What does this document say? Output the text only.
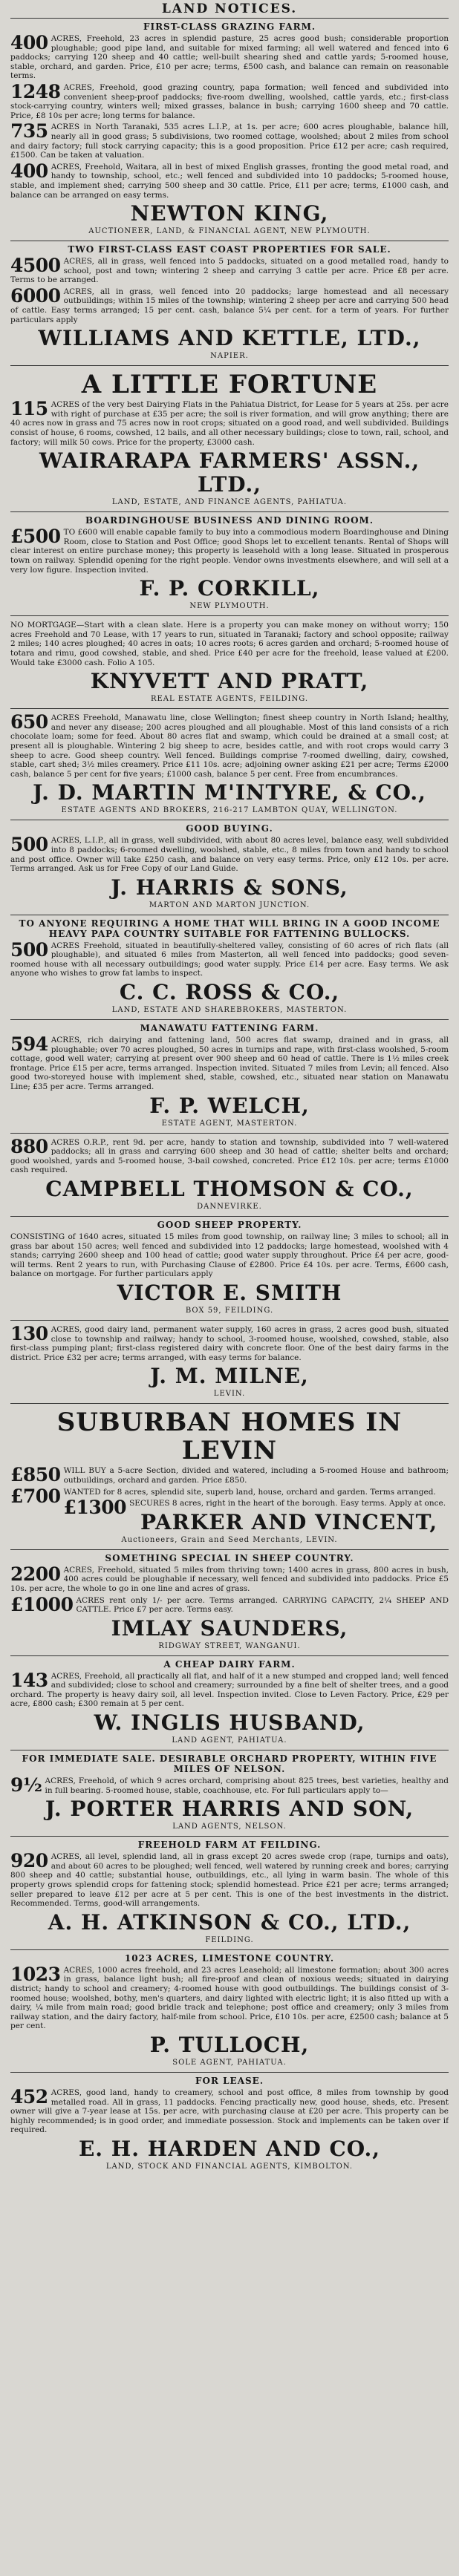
LAND NOTICES.
FIRST-CLASS GRAZING FARM.
400 ACRES, Freehold, 23 acres in splendid pasture, 25 acres good bush; considerable proportion ploughable; good pipe land, and suitable for mixed farming; all well watered and fenced into 6 paddocks; carrying 120 sheep and 40 cattle; well-built shearing shed and cattle yards; 5-roomed house, stable, orchard, and garden. Price, £10 per acre; terms, £500 cash, and balance can remain on reasonable terms.
1248 ACRES, Freehold, good grazing country, papa formation; well fenced and subdivided into convenient sheep-proof paddocks; five-room dwelling, woolshed, cattle yards, etc.; first-class stock-carrying country, winters well; mixed grasses, balance in bush; carrying 1600 sheep and 70 cattle. Price, £8 10s per acre; long terms for balance.
735 ACRES in North Taranaki, 535 acres L.I.P., at 1s. per acre; 600 acres ploughable, balance hill, nearly all in good grass; 5 subdivisions, two roomed cottage, woolshed; about 2 miles from school and dairy factory; full stock carrying capacity; this is a good proposition. Price £12 per acre; cash required, £1500. Can be taken at valuation.
400 ACRES, Freehold, Waitara, all in best of mixed English grasses, fronting the good metal road, and handy to township, school, etc.; well fenced and subdivided into 10 paddocks; 5-roomed house, stable, and implement shed; carrying 500 sheep and 30 cattle. Price, £11 per acre; terms, £1000 cash, and balance can be arranged on easy terms.
NEWTON KING,
AUCTIONEER, LAND, & FINANCIAL AGENT, NEW PLYMOUTH.
TWO FIRST-CLASS EAST COAST PROPERTIES FOR SALE.
4500 ACRES, all in grass, well fenced into 5 paddocks, situated on a good metalled road, handy to school, post and town; wintering 2 sheep and carrying 3 cattle per acre. Price £8 per acre. Terms to be arranged.
6000 ACRES, all in grass, well fenced into 20 paddocks; large homestead and all necessary outbuildings; within 15 miles of the township; wintering 2 sheep per acre and carrying 500 head of cattle. Easy terms arranged; 15 per cent. cash, balance 5¼ per cent. for a term of years. For further particulars apply
WILLIAMS AND KETTLE, LTD.,
NAPIER.
A LITTLE FORTUNE
115 ACRES of the very best Dairying Flats in the Pahiatua District, for Lease for 5 years at 25s. per acre with right of purchase at £35 per acre; the soil is river formation, and will grow anything; there are 40 acres now in grass and 75 acres now in root crops; situated on a good road, and well subdivided. Buildings consist of house, 6 rooms, cowshed, 12 bails, and all other necessary buildings; close to town, rail, school, and factory; will milk 50 cows. Price for the property, £3000 cash.
WAIRARAPA FARMERS' ASSN., LTD.,
LAND, ESTATE, AND FINANCE AGENTS, PAHIATUA.
BOARDINGHOUSE BUSINESS AND DINING ROOM.
£500 TO £600 will enable capable family to buy into a commodious modern Boardinghouse and Dining Room, close to Station and Post Office; good Shops let to excellent tenants. Rental of Shops will clear interest on entire purchase money; this property is leasehold with a long lease. Situated in prosperous town on railway. Splendid opening for the right people. Vendor owns investments elsewhere, and will sell at a very low figure. Inspection invited.
F. P. CORKILL,
NEW PLYMOUTH.
NO MORTGAGE—Start with a clean slate. Here is a property you can make money on without worry; 150 acres Freehold and 70 Lease, with 17 years to run, situated in Taranaki; factory and school opposite; railway 2 miles; 140 acres ploughed; 40 acres in oats; 10 acres roots; 6 acres garden and orchard; 5-roomed house of totara and rimu, good cowshed, stable, and shed. Price £40 per acre for the freehold, lease valued at £200. Would take £3000 cash. Folio A 105.
KNYVETT AND PRATT,
REAL ESTATE AGENTS, FEILDING.
650 ACRES Freehold, Manawatu line, close Wellington; finest sheep country in North Island; healthy, and never any disease; 200 acres ploughed and all ploughable. Most of this land consists of a rich chocolate loam; some for feed. About 80 acres flat and swamp, which could be drained at a small cost; at present all is ploughable. Wintering 2 big sheep to acre, besides cattle, and with root crops would carry 3 sheep to acre. Good sheep country. Well fenced. Buildings comprise 7-roomed dwelling, dairy, cowshed, stable, cart shed; 3½ miles creamery. Price £11 10s. acre; adjoining owner asking £21 per acre; Terms £2000 cash, balance 5 per cent for five years; £1000 cash, balance 5 per cent. Free from encumbrances.
J. D. MARTIN M'INTYRE, & CO.,
ESTATE AGENTS AND BROKERS, 216-217 LAMBTON QUAY, WELLINGTON.
GOOD BUYING.
500 ACRES, L.I.P., all in grass, well subdivided, with about 80 acres level, balance easy, well subdivided into 8 paddocks; 6-roomed dwelling, woolshed, stable, etc., 8 miles from town and handy to school and post office. Owner will take £250 cash, and balance on very easy terms. Price, only £12 10s. per acre. Terms arranged. Ask us for Free Copy of our Land Guide.
J. HARRIS & SONS,
MARTON AND MARTON JUNCTION.
TO ANYONE REQUIRING A HOME THAT WILL BRING IN A GOOD INCOME HEAVY PAPA COUNTRY SUITABLE FOR FATTENING BULLOCKS.
500 ACRES Freehold, situated in beautifully-sheltered valley, consisting of 60 acres of rich flats (all ploughable), and situated 6 miles from Masterton, all well fenced into paddocks; good seven-roomed house with all necessary outbuildings; good water supply. Price £14 per acre. Easy terms. We ask anyone who wishes to grow fat lambs to inspect.
C. C. ROSS & CO.,
LAND, ESTATE AND SHAREBROKERS, MASTERTON.
MANAWATU FATTENING FARM.
594 ACRES, rich dairying and fattening land, 500 acres flat swamp, drained and in grass, all ploughable; over 70 acres ploughed, 50 acres in turnips and rape, with first-class woolshed, 5-room cottage, good well water; carrying at present over 900 sheep and 60 head of cattle. There is 1½ miles creek frontage. Price £15 per acre, terms arranged. Inspection invited. Situated 7 miles from Levin; all fenced. Also good two-storeyed house with implement shed, stable, cowshed, etc., situated near station on Manawatu Line; £35 per acre. Terms arranged.
F. P. WELCH,
ESTATE AGENT, MASTERTON.
880 ACRES O.R.P., rent 9d. per acre, handy to station and township, subdivided into 7 well-watered paddocks; all in grass and carrying 600 sheep and 30 head of cattle; shelter belts and orchard; good woolshed, yards and 5-roomed house, 3-bail cowshed, concreted. Price £12 10s. per acre; terms £1000 cash required.
CAMPBELL THOMSON & CO.,
DANNEVIRKE.
GOOD SHEEP PROPERTY.
CONSISTING of 1640 acres, situated 15 miles from good township, on railway line; 3 miles to school; all in grass bar about 150 acres; well fenced and subdivided into 12 paddocks; large homestead, woolshed with 4 stands; carrying 2600 sheep and 100 head of cattle; good water supply throughout. Price £4 per acre, good-will terms. Rent 2 years to run, with Purchasing Clause of £2800. Price £4 10s. per acre. Terms, £600 cash, balance on mortgage. For further particulars apply
VICTOR E. SMITH
BOX 59, FEILDING.
130 ACRES, good dairy land, permanent water supply, 160 acres in grass, 2 acres good bush, situated close to township and railway; handy to school, 3-roomed house, woolshed, cowshed, stable, also first-class pumping plant; first-class registered dairy with concrete floor. One of the best dairy farms in the district. Price £32 per acre; terms arranged, with easy terms for balance.
J. M. MILNE,
LEVIN.
SUBURBAN HOMES IN LEVIN
£850 WILL BUY a 5-acre Section, divided and watered, including a 5-roomed House and bathroom; outbuildings, orchard and garden. Price £850.
£700 WANTED for 8 acres, splendid site, superb land, house, orchard and garden. Terms arranged.
£1300 SECURES 8 acres, right in the heart of the borough. Easy terms. Apply at once.
PARKER AND VINCENT,
Auctioneers, Grain and Seed Merchants, LEVIN.
SOMETHING SPECIAL IN SHEEP COUNTRY.
2200 ACRES, Freehold, situated 5 miles from thriving town; 1400 acres in grass, 800 acres in bush, 400 acres could be ploughable if necessary, well fenced and subdivided into paddocks. Price £5 10s. per acre, the whole to go in one line and acres of grass.
£1000 ACRES rent only 1/- per acre. Terms arranged. CARRYING CAPACITY, 2¼ SHEEP AND CATTLE. Price £7 per acre. Terms easy.
IMLAY SAUNDERS,
RIDGWAY STREET, WANGANUI.
A CHEAP DAIRY FARM.
143 ACRES, Freehold, all practically all flat, and half of it a new stumped and cropped land; well fenced and subdivided; close to school and creamery; surrounded by a fine belt of shelter trees, and a good orchard. The property is heavy dairy soil, all level. Inspection invited. Close to Leven Factory. Price, £29 per acre, £800 cash; £300 remain at 5 per cent.
W. INGLIS HUSBAND,
LAND AGENT, PAHIATUA.
FOR IMMEDIATE SALE. DESIRABLE ORCHARD PROPERTY, WITHIN FIVE MILES OF NELSON.
9½ ACRES, Freehold, of which 9 acres orchard, comprising about 825 trees, best varieties, healthy and in full bearing. 5-roomed house, stable, coachhouse, etc. For full particulars apply to—
J. PORTER HARRIS AND SON,
LAND AGENTS, NELSON.
FREEHOLD FARM AT FEILDING.
920 ACRES, all level, splendid land, all in grass except 20 acres swede crop (rape, turnips and oats), and about 60 acres to be ploughed; well fenced, well watered by running creek and bores; carrying 800 sheep and 40 cattle; substantial house, outbuildings, etc., all lying in warm basin. The whole of this property grows splendid crops for fattening stock; splendid homestead. Price £21 per acre; terms arranged; seller prepared to leave £12 per acre at 5 per cent. This is one of the best investments in the district. Recommended. Terms, good-will arrangements.
A. H. ATKINSON & CO., LTD.,
FEILDING.
1023 ACRES, LIMESTONE COUNTRY.
1023 ACRES, 1000 acres freehold, and 23 acres Leasehold; all limestone formation; about 300 acres in grass, balance light bush; all fire-proof and clean of noxious weeds; situated in dairying district; handy to school and creamery; 4-roomed house with good outbuildings. The buildings consist of 3-roomed house; woolshed, bothy, men's quarters, and dairy lighted with electric light; it is also fitted up with a dairy, ¼ mile from main road; good bridle track and telephone; post office and creamery; only 3 miles from railway station, and the dairy factory, half-mile from school. Price, £10 10s. per acre, £2500 cash; balance at 5 per cent.
P. TULLOCH,
SOLE AGENT, PAHIATUA.
FOR LEASE.
452 ACRES, good land, handy to creamery, school and post office, 8 miles from township by good metalled road. All in grass, 11 paddocks. Fencing practically new, good house, sheds, etc. Present owner will give a 7-year lease at 15s. per acre, with purchasing clause at £20 per acre. This property can be highly recommended; is in good order, and immediate possession. Stock and implements can be taken over if required.
E. H. HARDEN AND CO.,
LAND, STOCK AND FINANCIAL AGENTS, KIMBOLTON.
